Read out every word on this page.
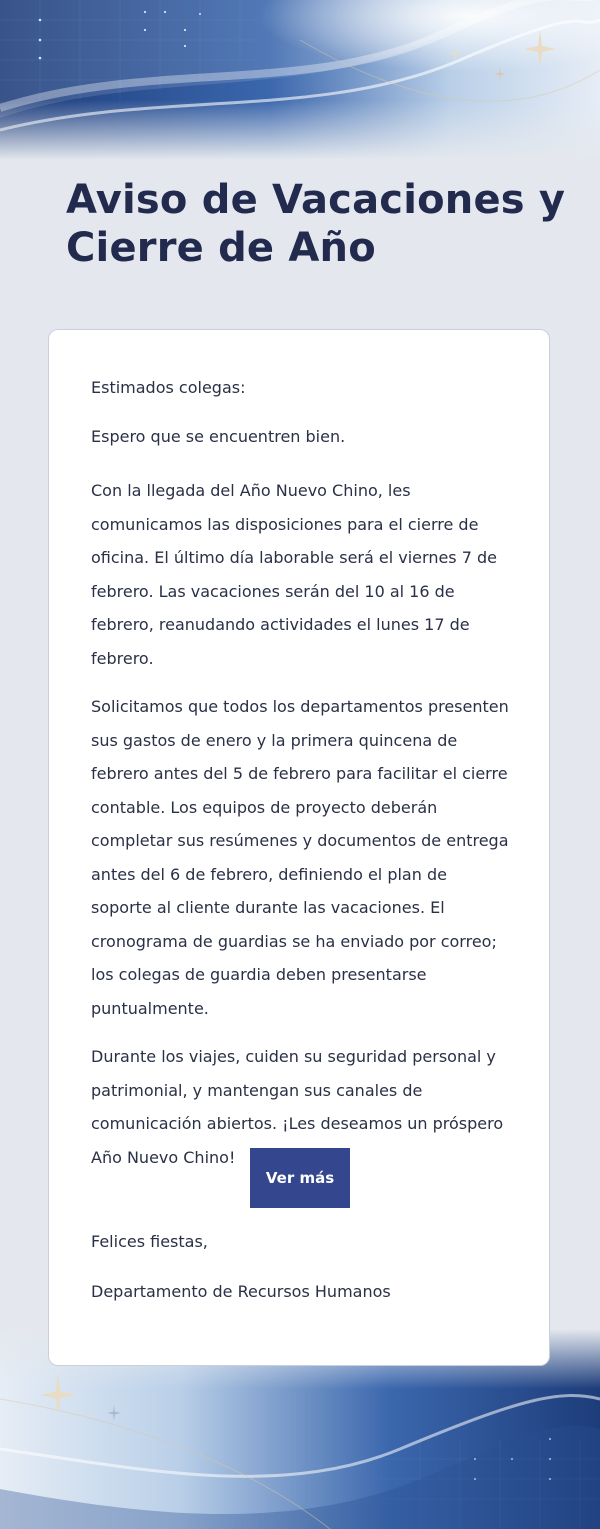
Aviso de Vacaciones y Cierre de Año

Estimados colegas:

Espero que se encuentren bien.

Con la llegada del Año Nuevo Chino, les comunicamos las disposiciones para el cierre de oficina. El último día laborable será el viernes 7 de febrero. Las vacaciones serán del 10 al 16 de febrero, reanudando actividades el lunes 17 de febrero.

Solicitamos que todos los departamentos presenten sus gastos de enero y la primera quincena de febrero antes del 5 de febrero para facilitar el cierre contable. Los equipos de proyecto deberán completar sus resúmenes y documentos de entrega antes del 6 de febrero, definiendo el plan de soporte al cliente durante las vacaciones. El cronograma de guardias se ha enviado por correo; los colegas de guardia deben presentarse puntualmente.

Durante los viajes, cuiden su seguridad personal y patrimonial, y mantengan sus canales de comunicación abiertos. ¡Les deseamos un próspero Año Nuevo Chino!

Ver más

Felices fiestas,

Departamento de Recursos Humanos
